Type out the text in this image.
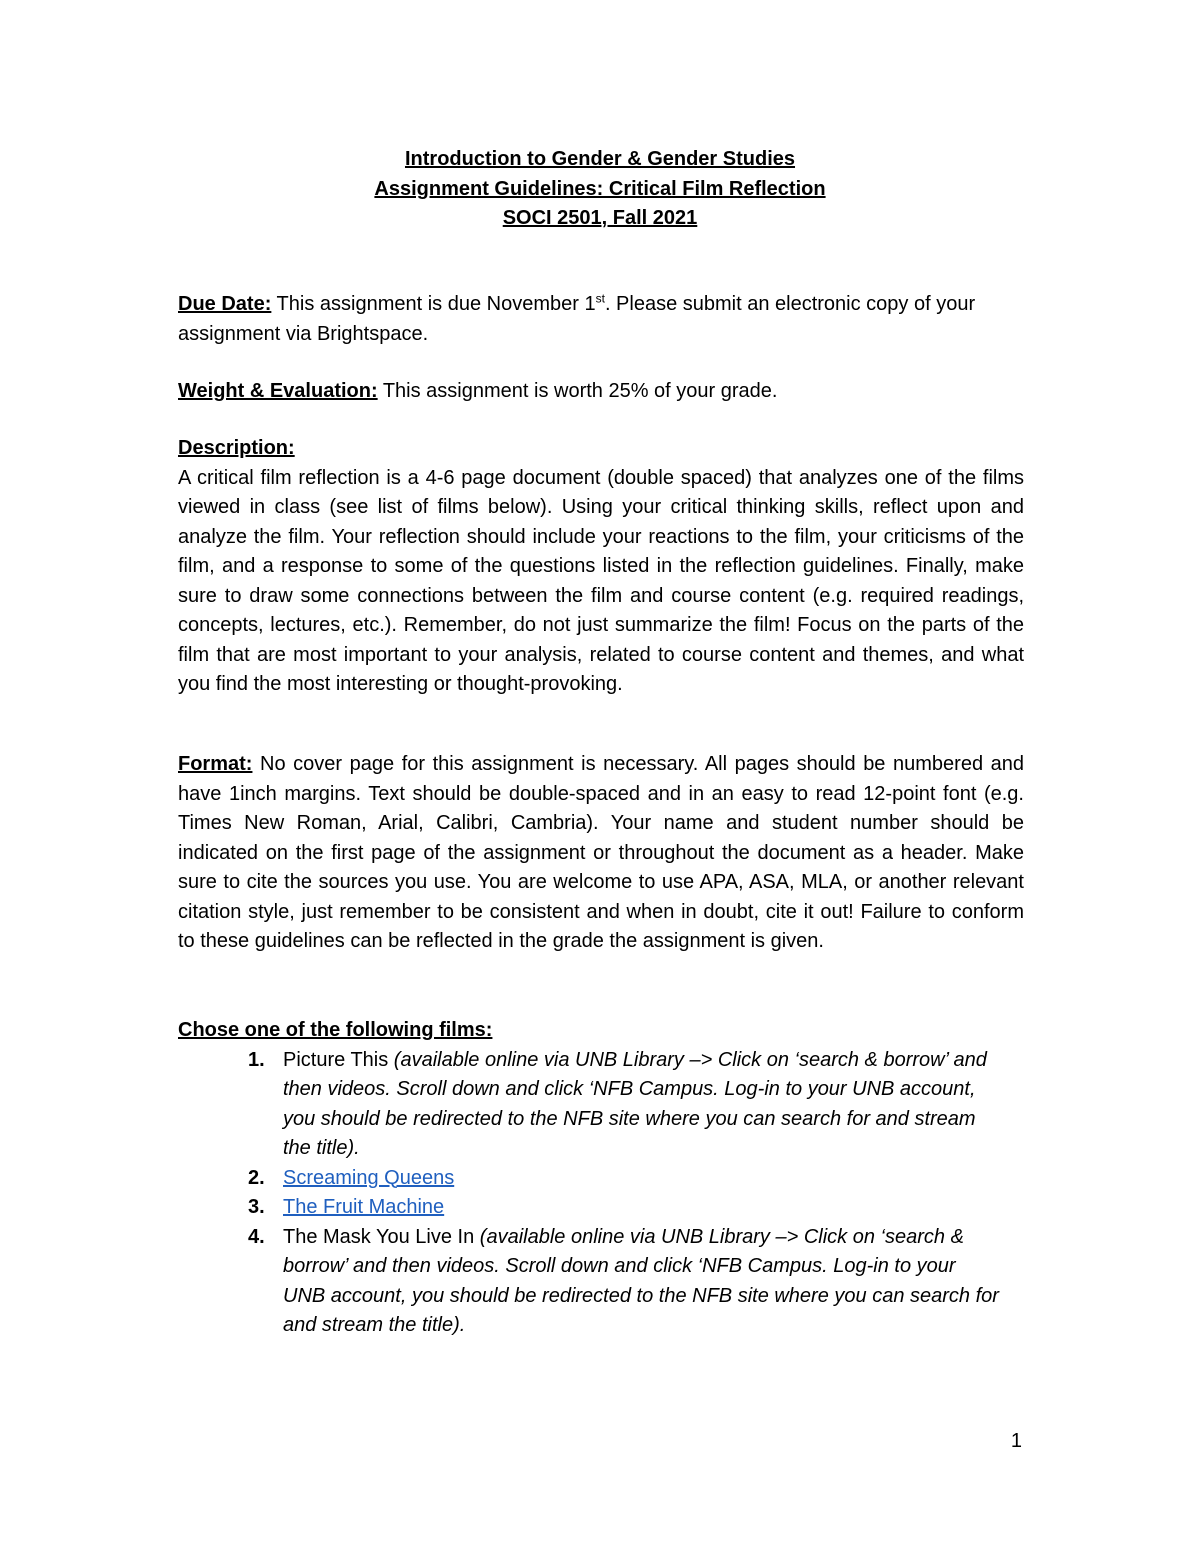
Introduction to Gender & Gender Studies
Assignment Guidelines: Critical Film Reflection
SOCI 2501, Fall 2021
Due Date: This assignment is due November 1st. Please submit an electronic copy of your assignment via Brightspace.
Weight & Evaluation: This assignment is worth 25% of your grade.
Description:
A critical film reflection is a 4-6 page document (double spaced) that analyzes one of the films viewed in class (see list of films below). Using your critical thinking skills, reflect upon and analyze the film. Your reflection should include your reactions to the film, your criticisms of the film, and a response to some of the questions listed in the reflection guidelines. Finally, make sure to draw some connections between the film and course content (e.g. required readings, concepts, lectures, etc.). Remember, do not just summarize the film! Focus on the parts of the film that are most important to your analysis, related to course content and themes, and what you find the most interesting or thought-provoking.
Format: No cover page for this assignment is necessary. All pages should be numbered and have 1inch margins. Text should be double-spaced and in an easy to read 12-point font (e.g. Times New Roman, Arial, Calibri, Cambria). Your name and student number should be indicated on the first page of the assignment or throughout the document as a header. Make sure to cite the sources you use. You are welcome to use APA, ASA, MLA, or another relevant citation style, just remember to be consistent and when in doubt, cite it out! Failure to conform to these guidelines can be reflected in the grade the assignment is given.
Chose one of the following films:
1. Picture This (available online via UNB Library –> Click on ‘search & borrow’ and then videos. Scroll down and click ‘NFB Campus. Log-in to your UNB account, you should be redirected to the NFB site where you can search for and stream the title).
2. Screaming Queens
3. The Fruit Machine
4. The Mask You Live In (available online via UNB Library –> Click on ‘search & borrow’ and then videos. Scroll down and click ‘NFB Campus. Log-in to your UNB account, you should be redirected to the NFB site where you can search for and stream the title).
1
